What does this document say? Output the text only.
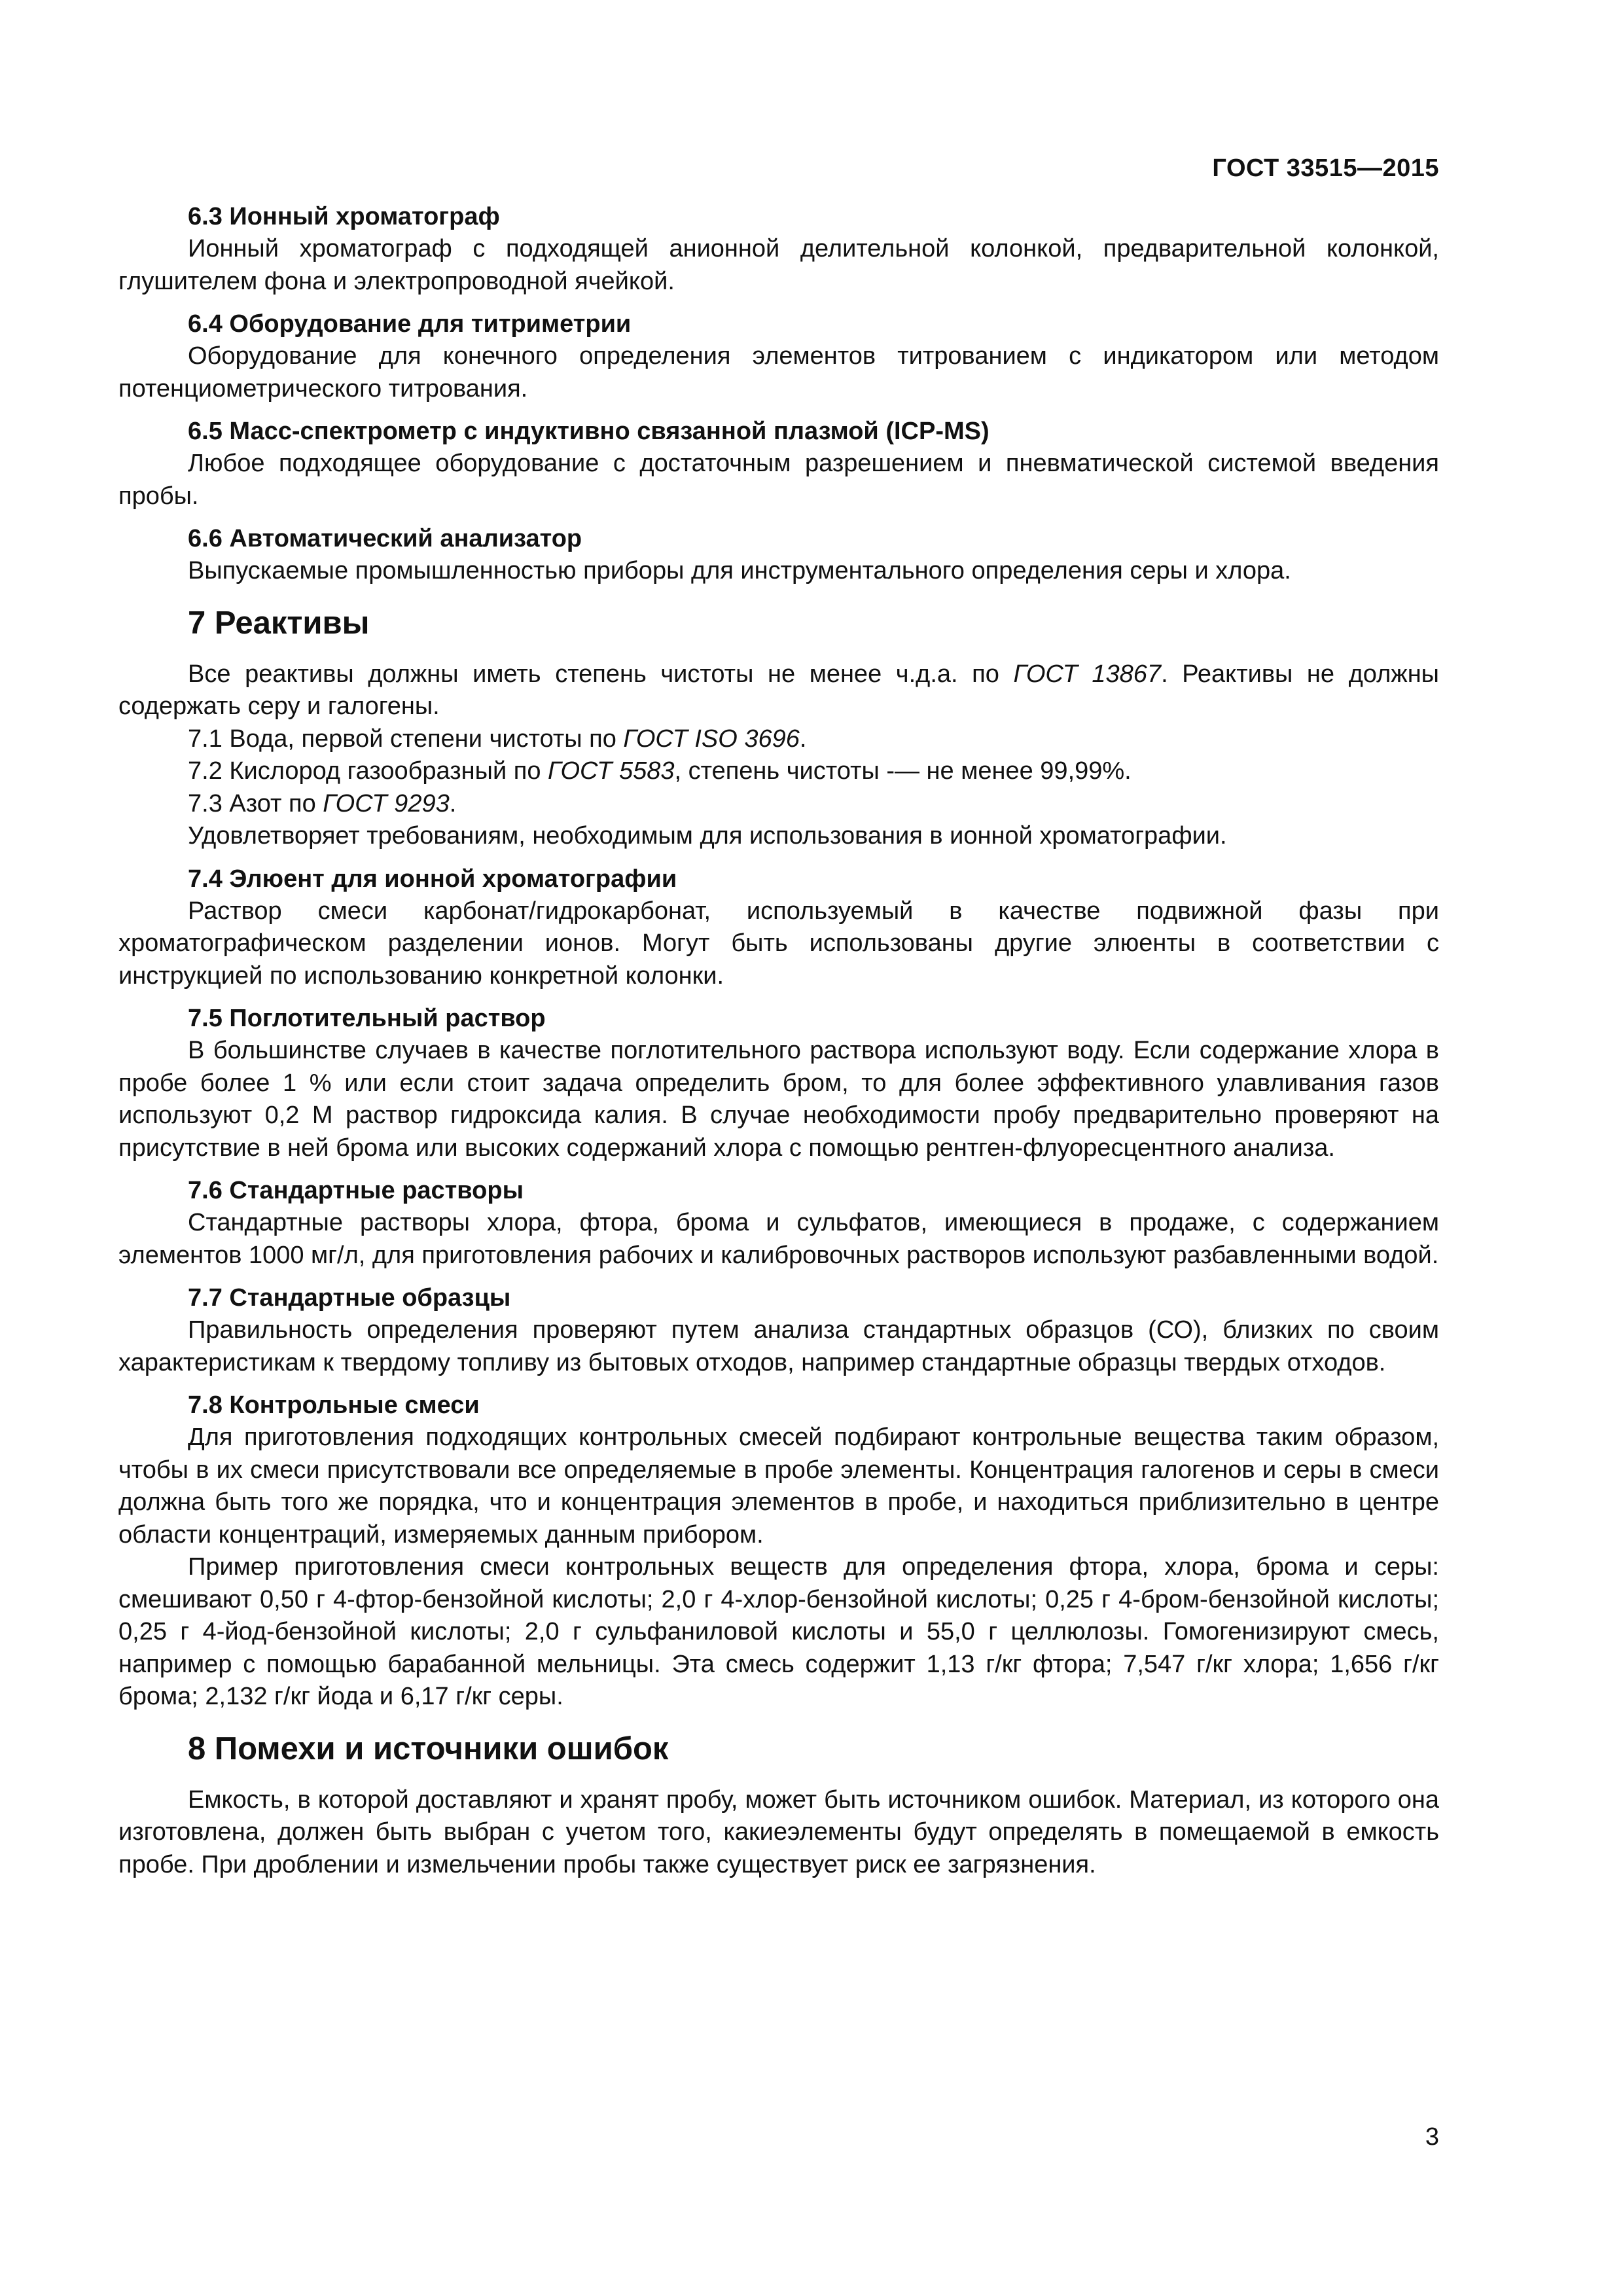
ГОСТ 33515—2015

6.3 Ионный хроматограф

Ионный хроматограф с подходящей анионной делительной колонкой, предварительной колонкой, глушителем фона и электропроводной ячейкой.

6.4 Оборудование для титриметрии

Оборудование для конечного определения элементов титрованием с индикатором или методом потенциометрического титрования.

6.5 Масс-спектрометр с индуктивно связанной плазмой (ICP-MS)

Любое подходящее оборудование с достаточным разрешением и пневматической системой введения пробы.

6.6 Автоматический анализатор

Выпускаемые промышленностью приборы для инструментального определения серы и хлора.

7 Реактивы

Все реактивы должны иметь степень чистоты не менее ч.д.а. по ГОСТ 13867. Реактивы не должны содержать серу и галогены.

7.1 Вода, первой степени чистоты по ГОСТ ISO 3696.

7.2 Кислород газообразный по ГОСТ 5583, степень чистоты -— не менее 99,99%.

7.3 Азот по ГОСТ 9293.

Удовлетворяет требованиям, необходимым для использования в ионной хроматографии.

7.4 Элюент для ионной хроматографии

Раствор смеси карбонат/гидрокарбонат, используемый в качестве подвижной фазы при хроматографическом разделении ионов. Могут быть использованы другие элюенты в соответствии с инструкцией по использованию конкретной колонки.

7.5 Поглотительный раствор

В большинстве случаев в качестве поглотительного раствора используют воду. Если содержание хлора в пробе более 1 % или если стоит задача определить бром, то для более эффективного улавливания газов используют 0,2 М раствор гидроксида калия. В случае необходимости пробу предварительно проверяют на присутствие в ней брома или высоких содержаний хлора с помощью рентген-флуоресцентного анализа.

7.6 Стандартные растворы

Стандартные растворы хлора, фтора, брома и сульфатов, имеющиеся в продаже, с содержанием элементов 1000 мг/л, для приготовления рабочих и калибровочных растворов используют разбавленными водой.

7.7 Стандартные образцы

Правильность определения проверяют путем анализа стандартных образцов (СО), близких по своим характеристикам к твердому топливу из бытовых отходов, например стандартные образцы твердых отходов.

7.8 Контрольные смеси

Для приготовления подходящих контрольных смесей подбирают контрольные вещества таким образом, чтобы в их смеси присутствовали все определяемые в пробе элементы. Концентрация галогенов и серы в смеси должна быть того же порядка, что и концентрация элементов в пробе, и находиться приблизительно в центре области концентраций, измеряемых данным прибором.

Пример приготовления смеси контрольных веществ для определения фтора, хлора, брома и серы: смешивают 0,50 г 4-фтор-бензойной кислоты; 2,0 г 4-хлор-бензойной кислоты; 0,25 г 4-бром-бензойной кислоты; 0,25 г 4-йод-бензойной кислоты; 2,0 г сульфаниловой кислоты и 55,0 г целлюлозы. Гомогенизируют смесь, например с помощью барабанной мельницы. Эта смесь содержит 1,13 г/кг фтора; 7,547 г/кг хлора; 1,656 г/кг брома; 2,132 г/кг йода и 6,17 г/кг серы.

8 Помехи и источники ошибок

Емкость, в которой доставляют и хранят пробу, может быть источником ошибок. Материал, из которого она изготовлена, должен быть выбран с учетом того, какиеэлементы будут определять в помещаемой в емкость пробе. При дроблении и измельчении пробы также существует риск ее загрязнения.

3
